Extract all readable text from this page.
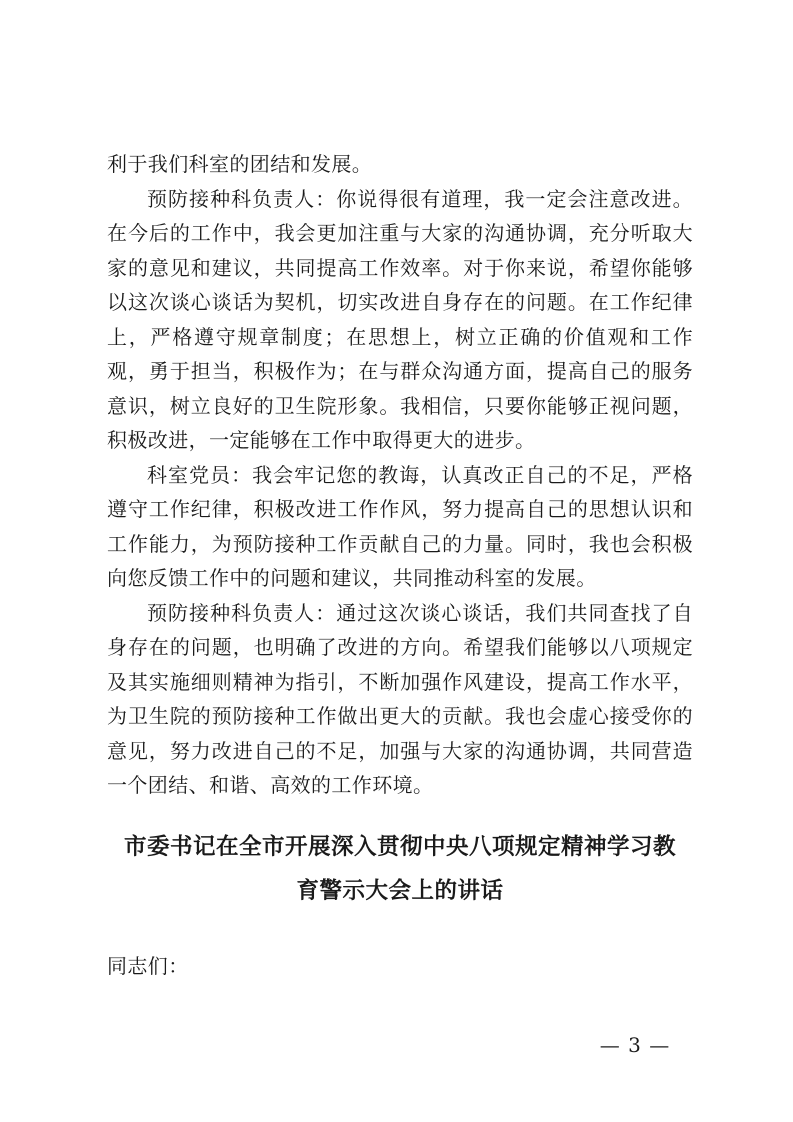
利于我们科室的团结和发展。

预防接种科负责人：你说得很有道理，我一定会注意改进。在今后的工作中，我会更加注重与大家的沟通协调，充分听取大家的意见和建议，共同提高工作效率。对于你来说，希望你能够以这次谈心谈话为契机，切实改进自身存在的问题。在工作纪律上，严格遵守规章制度；在思想上，树立正确的价值观和工作观，勇于担当，积极作为；在与群众沟通方面，提高自己的服务意识，树立良好的卫生院形象。我相信，只要你能够正视问题，积极改进，一定能够在工作中取得更大的进步。

科室党员：我会牢记您的教诲，认真改正自己的不足，严格遵守工作纪律，积极改进工作作风，努力提高自己的思想认识和工作能力，为预防接种工作贡献自己的力量。同时，我也会积极向您反馈工作中的问题和建议，共同推动科室的发展。

预防接种科负责人：通过这次谈心谈话，我们共同查找了自身存在的问题，也明确了改进的方向。希望我们能够以八项规定及其实施细则精神为指引，不断加强作风建设，提高工作水平，为卫生院的预防接种工作做出更大的贡献。我也会虚心接受你的意见，努力改进自己的不足，加强与大家的沟通协调，共同营造一个团结、和谐、高效的工作环境。

市委书记在全市开展深入贯彻中央八项规定精神学习教
育警示大会上的讲话

同志们：

— 3 —
